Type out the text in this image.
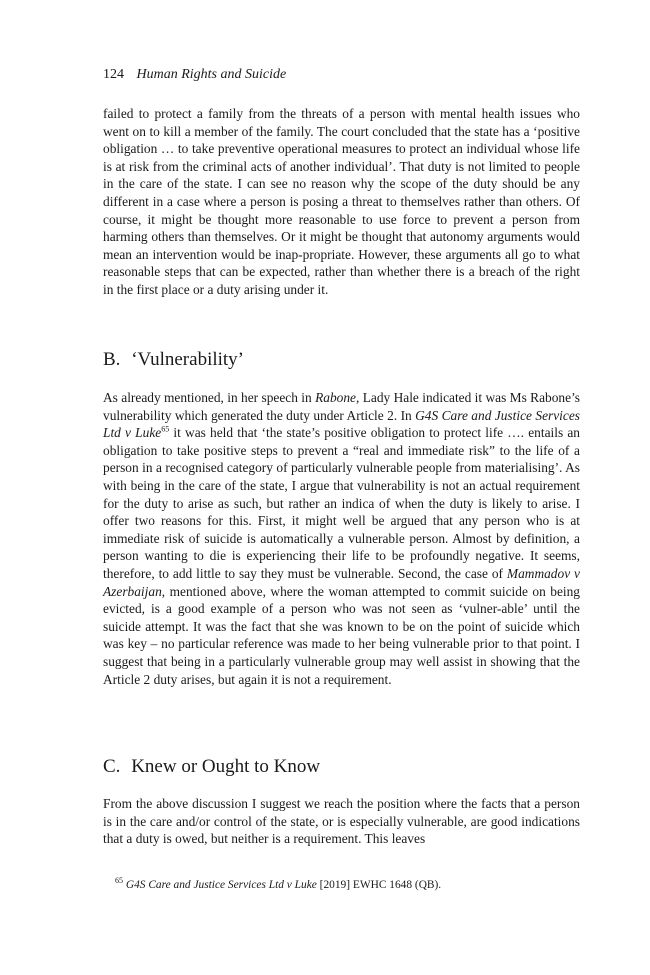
124 Human Rights and Suicide

failed to protect a family from the threats of a person with mental health issues who went on to kill a member of the family. The court concluded that the state has a ‘positive obligation … to take preventive operational measures to protect an individual whose life is at risk from the criminal acts of another individual’. That duty is not limited to people in the care of the state. I can see no reason why the scope of the duty should be any different in a case where a person is posing a threat to themselves rather than others. Of course, it might be thought more reasonable to use force to prevent a person from harming others than themselves. Or it might be thought that autonomy arguments would mean an intervention would be inap-propriate. However, these arguments all go to what reasonable steps that can be expected, rather than whether there is a breach of the right in the first place or a duty arising under it.

B. ‘Vulnerability’

As already mentioned, in her speech in Rabone, Lady Hale indicated it was Ms Rabone’s vulnerability which generated the duty under Article 2. In G4S Care and Justice Services Ltd v Luke$^{65}$ it was held that ‘the state’s positive obligation to protect life …. entails an obligation to take positive steps to prevent a “real and immediate risk” to the life of a person in a recognised category of particularly vulnerable people from materialising’. As with being in the care of the state, I argue that vulnerability is not an actual requirement for the duty to arise as such, but rather an indica of when the duty is likely to arise. I offer two reasons for this. First, it might well be argued that any person who is at immediate risk of suicide is automatically a vulnerable person. Almost by definition, a person wanting to die is experiencing their life to be profoundly negative. It seems, therefore, to add little to say they must be vulnerable. Second, the case of Mammadov v Azerbaijan, mentioned above, where the woman attempted to commit suicide on being evicted, is a good example of a person who was not seen as ‘vulner-able’ until the suicide attempt. It was the fact that she was known to be on the point of suicide which was key – no particular reference was made to her being vulnerable prior to that point. I suggest that being in a particularly vulnerable group may well assist in showing that the Article 2 duty arises, but again it is not a requirement.

C. Knew or Ought to Know

From the above discussion I suggest we reach the position where the facts that a person is in the care and/or control of the state, or is especially vulnerable, are good indications that a duty is owed, but neither is a requirement. This leaves

$^{65}$ G4S Care and Justice Services Ltd v Luke [2019] EWHC 1648 (QB).
